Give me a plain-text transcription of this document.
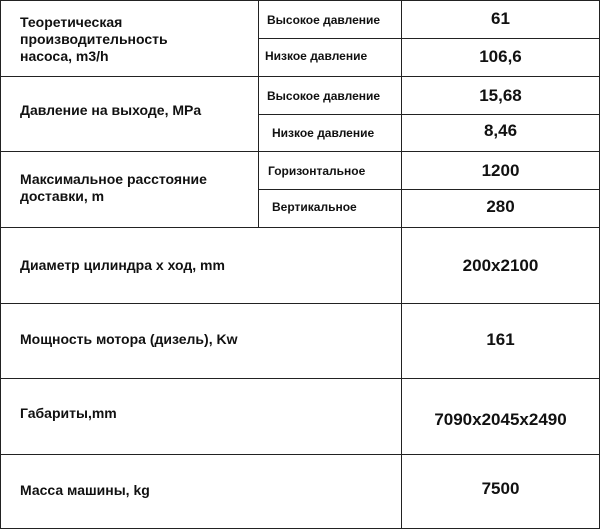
Теоретическая производительность насоса, m3/h
Высокое давление	61
Низкое давление	106,6
Давление на выходе, MPa
Высокое давление	15,68
Низкое давление	8,46
Максимальное расстояние доставки, m
Горизонтальное	1200
Вертикальное	280
Диаметр цилиндра х ход, mm	200x2100
Мощность мотора (дизель), Kw	161
Габариты,mm	7090x2045x2490
Масса машины, kg	7500
